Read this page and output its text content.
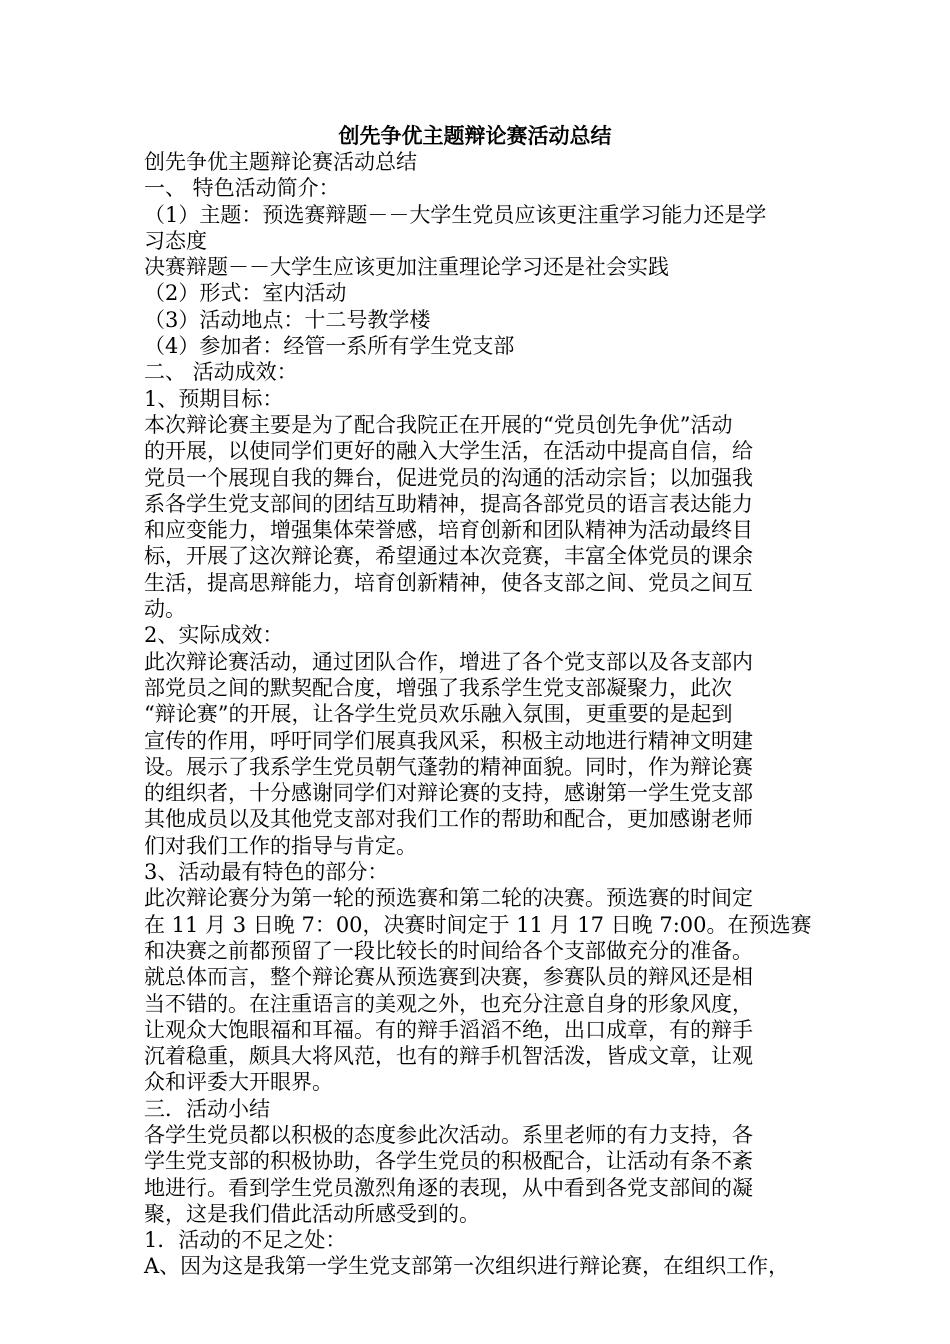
创先争优主题辩论赛活动总结
创先争优主题辩论赛活动总结
一、 特色活动简介：
（1）主题：预选赛辩题－－大学生党员应该更注重学习能力还是学
习态度
决赛辩题－－大学生应该更加注重理论学习还是社会实践
（2）形式：室内活动
（3）活动地点：十二号教学楼
（4）参加者：经管一系所有学生党支部
二、 活动成效：
1、预期目标：
本次辩论赛主要是为了配合我院正在开展的“党员创先争优”活动
的开展，以使同学们更好的融入大学生活，在活动中提高自信，给
党员一个展现自我的舞台，促进党员的沟通的活动宗旨；以加强我
系各学生党支部间的团结互助精神，提高各部党员的语言表达能力
和应变能力，增强集体荣誉感，培育创新和团队精神为活动最终目
标，开展了这次辩论赛，希望通过本次竞赛，丰富全体党员的课余
生活，提高思辩能力，培育创新精神，使各支部之间、党员之间互
动。
2、实际成效：
此次辩论赛活动，通过团队合作，增进了各个党支部以及各支部内
部党员之间的默契配合度，增强了我系学生党支部凝聚力，此次
“辩论赛”的开展，让各学生党员欢乐融入氛围，更重要的是起到
宣传的作用，呼吁同学们展真我风采，积极主动地进行精神文明建
设。展示了我系学生党员朝气蓬勃的精神面貌。同时，作为辩论赛
的组织者，十分感谢同学们对辩论赛的支持，感谢第一学生党支部
其他成员以及其他党支部对我们工作的帮助和配合，更加感谢老师
们对我们工作的指导与肯定。
3、活动最有特色的部分：
此次辩论赛分为第一轮的预选赛和第二轮的决赛。预选赛的时间定
在 11 月 3 日晚 7：00，决赛时间定于 11 月 17 日晚 7:00。在预选赛
和决赛之前都预留了一段比较长的时间给各个支部做充分的准备。
就总体而言，整个辩论赛从预选赛到决赛，参赛队员的辩风还是相
当不错的。在注重语言的美观之外，也充分注意自身的形象风度，
让观众大饱眼福和耳福。有的辩手滔滔不绝，出口成章，有的辩手
沉着稳重，颇具大将风范，也有的辩手机智活泼，皆成文章，让观
众和评委大开眼界。
三．活动小结
各学生党员都以积极的态度参此次活动。系里老师的有力支持，各
学生党支部的积极协助，各学生党员的积极配合，让活动有条不紊
地进行。看到学生党员激烈角逐的表现，从中看到各党支部间的凝
聚，这是我们借此活动所感受到的。
1．活动的不足之处：
A、因为这是我第一学生党支部第一次组织进行辩论赛，在组织工作，
